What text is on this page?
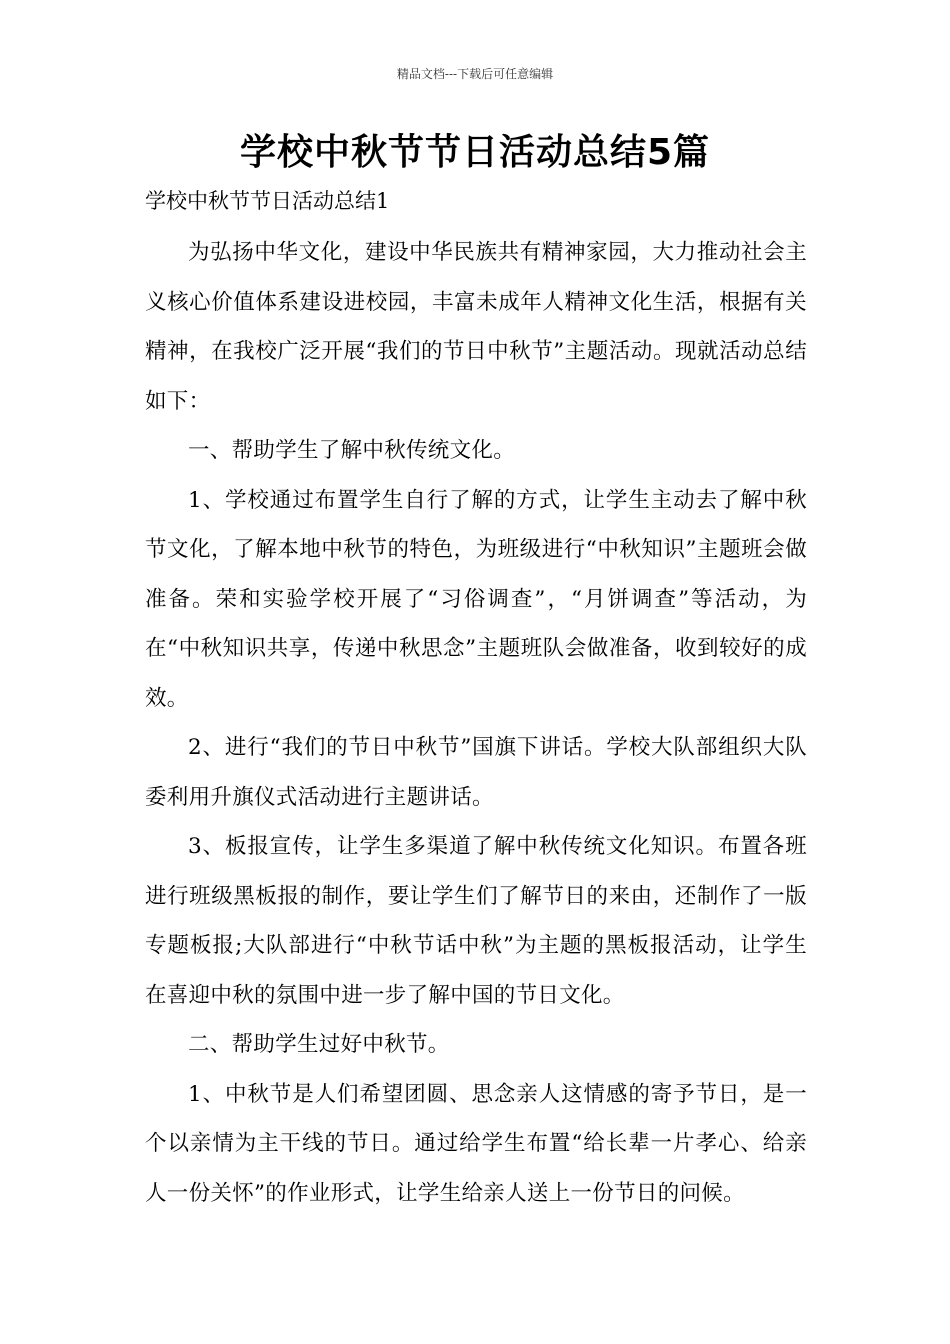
精品文档---下载后可任意编辑
学校中秋节节日活动总结5篇
学校中秋节节日活动总结1

为弘扬中华文化，建设中华民族共有精神家园，大力推动社会主义核心价值体系建设进校园，丰富未成年人精神文化生活，根据有关精神，在我校广泛开展“我们的节日中秋节”主题活动。现就活动总结如下：

一、帮助学生了解中秋传统文化。

1、学校通过布置学生自行了解的方式，让学生主动去了解中秋节文化，了解本地中秋节的特色，为班级进行“中秋知识”主题班会做准备。荣和实验学校开展了“习俗调查”，“月饼调查”等活动，为在“中秋知识共享，传递中秋思念”主题班队会做准备，收到较好的成效。

2、进行“我们的节日中秋节”国旗下讲话。学校大队部组织大队委利用升旗仪式活动进行主题讲话。

3、板报宣传，让学生多渠道了解中秋传统文化知识。布置各班进行班级黑板报的制作，要让学生们了解节日的来由，还制作了一版专题板报;大队部进行“中秋节话中秋”为主题的黑板报活动，让学生在喜迎中秋的氛围中进一步了解中国的节日文化。

二、帮助学生过好中秋节。

1、中秋节是人们希望团圆、思念亲人这情感的寄予节日，是一个以亲情为主干线的节日。通过给学生布置“给长辈一片孝心、给亲人一份关怀”的作业形式，让学生给亲人送上一份节日的问候。
